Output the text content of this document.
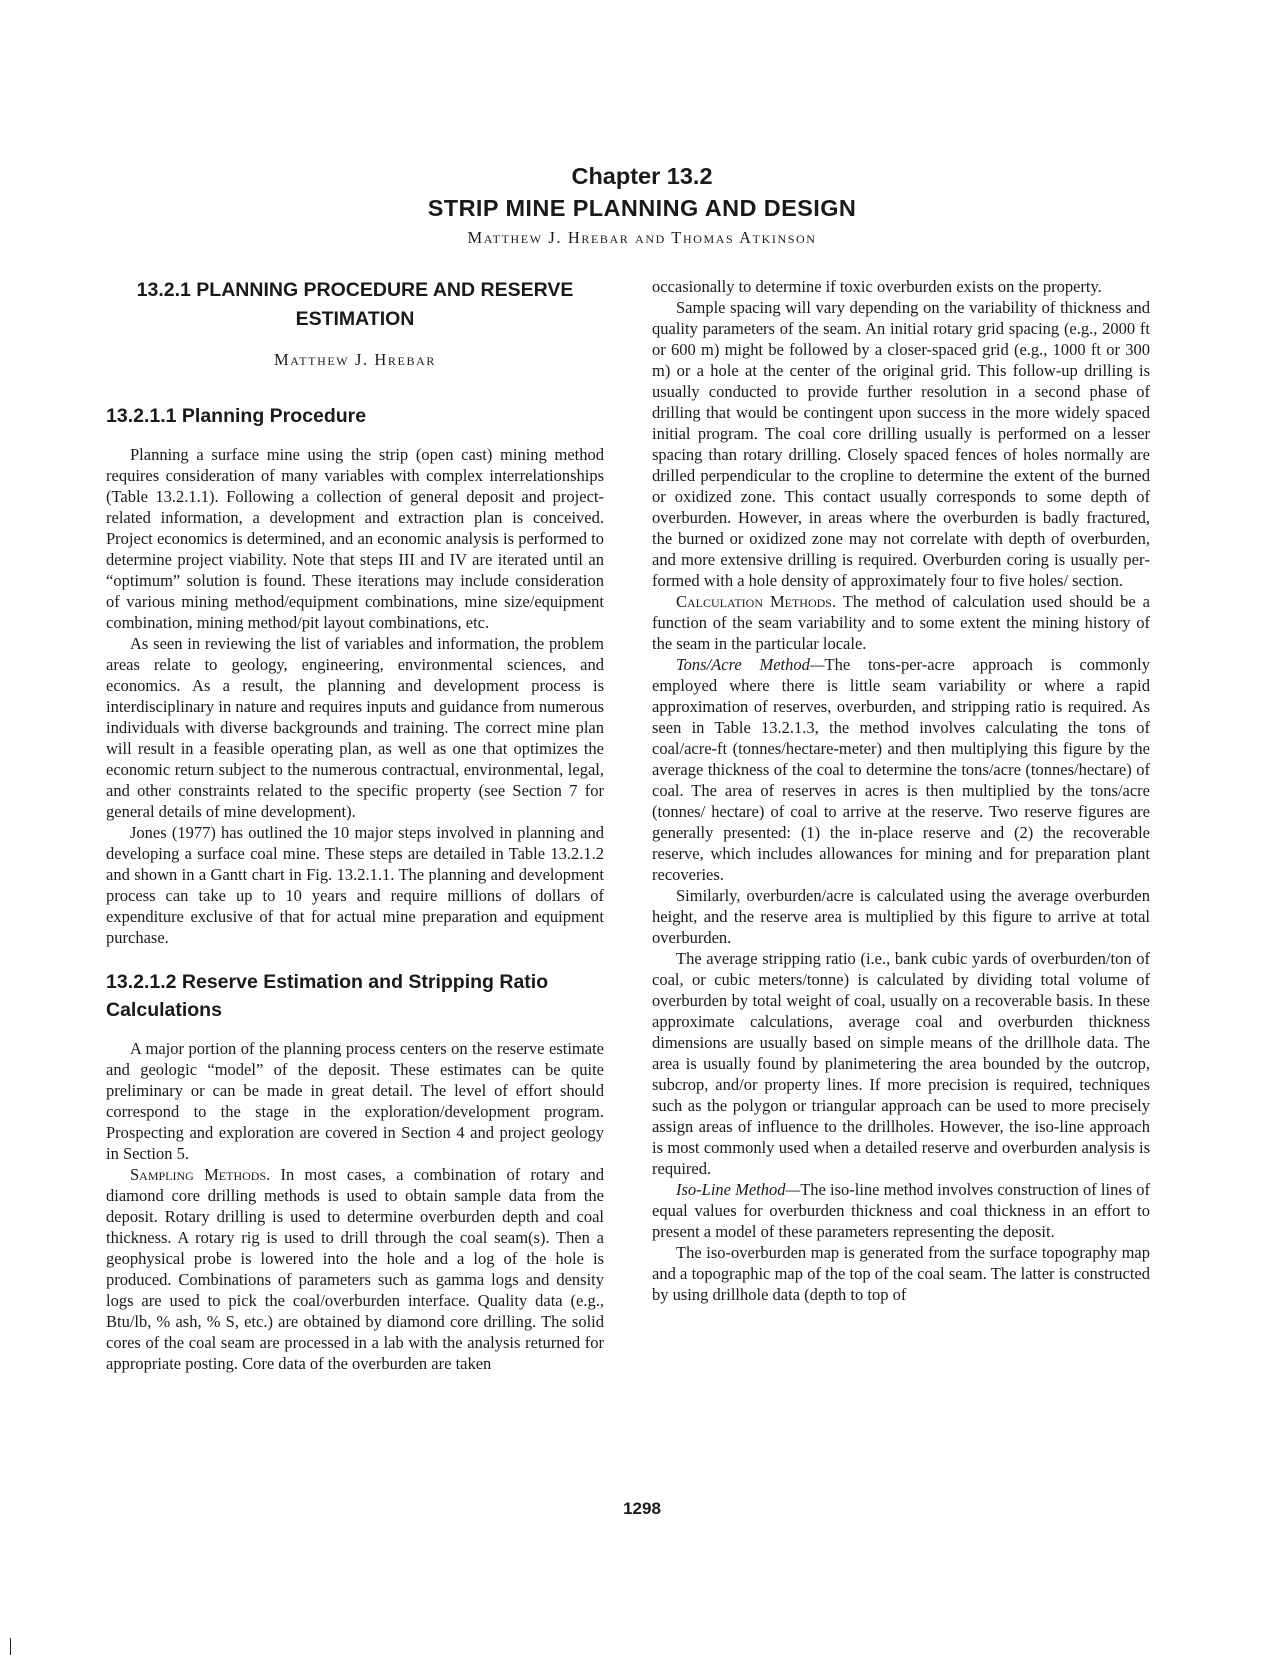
Chapter 13.2
STRIP MINE PLANNING AND DESIGN
Matthew J. Hrebar and Thomas Atkinson
13.2.1 PLANNING PROCEDURE AND RESERVE ESTIMATION
Matthew J. Hrebar
13.2.1.1 Planning Procedure

Planning a surface mine using the strip (open cast) mining method requires consideration of many variables with complex interrelationships (Table 13.2.1.1). Following a collection of general deposit and project-related information, a development and extraction plan is conceived. Project economics is determined, and an economic analysis is performed to determine project viability. Note that steps III and IV are iterated until an “optimum” solution is found. These iterations may include consideration of various mining method/equipment combinations, mine size/equipment combination, mining method/pit layout combinations, etc.

As seen in reviewing the list of variables and information, the problem areas relate to geology, engineering, environmental sciences, and economics. As a result, the planning and development process is interdisciplinary in nature and requires inputs and guidance from numerous individuals with diverse backgrounds and training. The correct mine plan will result in a feasible operating plan, as well as one that optimizes the economic return subject to the numerous contractual, environmental, legal, and other constraints related to the specific property (see Section 7 for general details of mine development).

Jones (1977) has outlined the 10 major steps involved in planning and developing a surface coal mine. These steps are detailed in Table 13.2.1.2 and shown in a Gantt chart in Fig. 13.2.1.1. The planning and development process can take up to 10 years and require millions of dollars of expenditure exclusive of that for actual mine preparation and equipment purchase.

13.2.1.2 Reserve Estimation and Stripping Ratio Calculations

A major portion of the planning process centers on the reserve estimate and geologic “model” of the deposit. These estimates can be quite preliminary or can be made in great detail. The level of effort should correspond to the stage in the exploration/development program. Prospecting and exploration are covered in Section 4 and project geology in Section 5.

Sampling Methods. In most cases, a combination of rotary and diamond core drilling methods is used to obtain sample data from the deposit. Rotary drilling is used to determine overburden depth and coal thickness. A rotary rig is used to drill through the coal seam(s). Then a geophysical probe is lowered into the hole and a log of the hole is produced. Combinations of parameters such as gamma logs and density logs are used to pick the coal/overburden interface. Quality data (e.g., Btu/lb, % ash, % S, etc.) are obtained by diamond core drilling. The solid cores of the coal seam are processed in a lab with the analysis returned for appropriate posting. Core data of the overburden are taken

occasionally to determine if toxic overburden exists on the property.

Sample spacing will vary depending on the variability of thickness and quality parameters of the seam. An initial rotary grid spacing (e.g., 2000 ft or 600 m) might be followed by a closer-spaced grid (e.g., 1000 ft or 300 m) or a hole at the center of the original grid. This follow-up drilling is usually conducted to provide further resolution in a second phase of drilling that would be contingent upon success in the more widely spaced initial program. The coal core drilling usually is performed on a lesser spacing than rotary drilling. Closely spaced fences of holes normally are drilled perpendicular to the cropline to determine the extent of the burned or oxidized zone. This contact usually corresponds to some depth of overburden. However, in areas where the overburden is badly fractured, the burned or oxidized zone may not correlate with depth of overburden, and more extensive drilling is required. Overburden coring is usually performed with a hole density of approximately four to five holes/ section.

Calculation Methods. The method of calculation used should be a function of the seam variability and to some extent the mining history of the seam in the particular locale.

Tons/Acre Method—The tons-per-acre approach is commonly employed where there is little seam variability or where a rapid approximation of reserves, overburden, and stripping ratio is required. As seen in Table 13.2.1.3, the method involves calculating the tons of coal/acre-ft (tonnes/hectare-meter) and then multiplying this figure by the average thickness of the coal to determine the tons/acre (tonnes/hectare) of coal. The area of reserves in acres is then multiplied by the tons/acre (tonnes/ hectare) of coal to arrive at the reserve. Two reserve figures are generally presented: (1) the in-place reserve and (2) the recoverable reserve, which includes allowances for mining and for preparation plant recoveries.

Similarly, overburden/acre is calculated using the average overburden height, and the reserve area is multiplied by this figure to arrive at total overburden.

The average stripping ratio (i.e., bank cubic yards of overburden/ton of coal, or cubic meters/tonne) is calculated by dividing total volume of overburden by total weight of coal, usually on a recoverable basis. In these approximate calculations, average coal and overburden thickness dimensions are usually based on simple means of the drillhole data. The area is usually found by planimetering the area bounded by the outcrop, subcrop, and/or property lines. If more precision is required, techniques such as the polygon or triangular approach can be used to more precisely assign areas of influence to the drillholes. However, the iso-line approach is most commonly used when a detailed reserve and overburden analysis is required.

Iso-Line Method—The iso-line method involves construction of lines of equal values for overburden thickness and coal thickness in an effort to present a model of these parameters representing the deposit.

The iso-overburden map is generated from the surface topography map and a topographic map of the top of the coal seam. The latter is constructed by using drillhole data (depth to top of

1298
